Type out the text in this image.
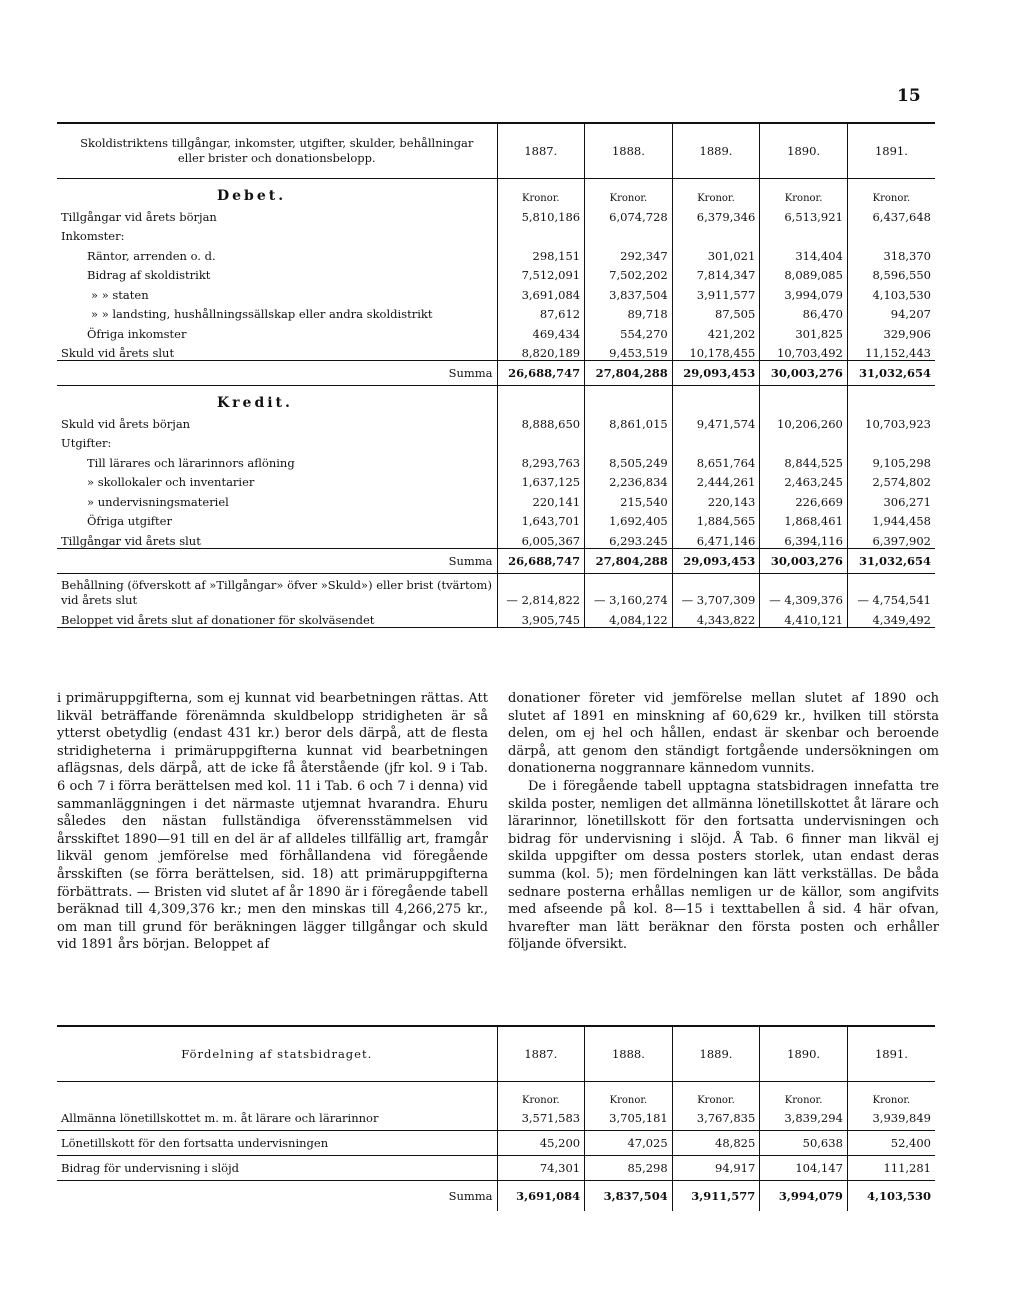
15
Skoldistriktens tillgångar, inkomster, utgifter, skulder, behållningar eller brister och donationsbelopp.	1887.	1888.	1889.	1890.	1891.
Debet.	Kronor.	Kronor.	Kronor.	Kronor.	Kronor.
Tillgångar vid årets början	5,810,186	6,074,728	6,379,346	6,513,921	6,437,648
Inkomster:					
Räntor, arrenden o. d.	298,151	292,347	301,021	314,404	318,370
Bidrag af skoldistrikt	7,512,091	7,502,202	7,814,347	8,089,085	8,596,550
» » staten	3,691,084	3,837,504	3,911,577	3,994,079	4,103,530
» » landsting, hushållningssällskap eller andra skoldistrikt	87,612	89,718	87,505	86,470	94,207
Öfriga inkomster	469,434	554,270	421,202	301,825	329,906
Skuld vid årets slut	8,820,189	9,453,519	10,178,455	10,703,492	11,152,443
Summa	26,688,747	27,804,288	29,093,453	30,003,276	31,032,654
Kredit.					
Skuld vid årets början	8,888,650	8,861,015	9,471,574	10,206,260	10,703,923
Utgifter:					
Till lärares och lärarinnors aflöning	8,293,763	8,505,249	8,651,764	8,844,525	9,105,298
» skollokaler och inventarier	1,637,125	2,236,834	2,444,261	2,463,245	2,574,802
» undervisningsmateriel	220,141	215,540	220,143	226,669	306,271
Öfriga utgifter	1,643,701	1,692,405	1,884,565	1,868,461	1,944,458
Tillgångar vid årets slut	6,005,367	6,293.245	6,471,146	6,394,116	6,397,902
Summa	26,688,747	27,804,288	29,093,453	30,003,276	31,032,654
Behållning (öfverskott af »Tillgångar» öfver »Skuld») eller brist (tvärtom)
vid årets slut	— 2,814,822	— 3,160,274	— 3,707,309	— 4,309,376	— 4,754,541
Beloppet vid årets slut af donationer för skolväsendet	3,905,745	4,084,122	4,343,822	4,410,121	4,349,492

i primäruppgifterna, som ej kunnat vid bearbetningen rättas. Att likväl beträffande förenämnda skuldbelopp stridigheten är så ytterst obetydlig (endast 431 kr.) beror dels därpå, att de flesta stridigheterna i primäruppgifterna kunnat vid bearbetningen aflägsnas, dels därpå, att de icke få återstående (jfr kol. 9 i Tab. 6 och 7 i förra berättelsen med kol. 11 i Tab. 6 och 7 i denna) vid sammanläggningen i det närmaste utjemnat hvarandra. Ehuru således den nästan fullständiga öfverensstämmelsen vid årsskiftet 1890—91 till en del är af alldeles tillfällig art, framgår likväl genom jemförelse med förhållandena vid föregående årsskiften (se förra berättelsen, sid. 18) att primäruppgifterna förbättrats. — Bristen vid slutet af år 1890 är i föregående tabell beräknad till 4,309,376 kr.; men den minskas till 4,266,275 kr., om man till grund för beräkningen lägger tillgångar och skuld vid 1891 års början. Beloppet af

donationer företer vid jemförelse mellan slutet af 1890 och slutet af 1891 en minskning af 60,629 kr., hvilken till största delen, om ej hel och hållen, endast är skenbar och beroende därpå, att genom den ständigt fortgående undersökningen om donationerna noggrannare kännedom vunnits.

De i föregående tabell upptagna statsbidragen innefatta tre skilda poster, nemligen det allmänna lönetillskottet åt lärare och lärarinnor, lönetillskott för den fortsatta undervisningen och bidrag för undervisning i slöjd. Å Tab. 6 finner man likväl ej skilda uppgifter om dessa posters storlek, utan endast deras summa (kol. 5); men fördelningen kan lätt verkställas. De båda sednare posterna erhållas nemligen ur de källor, som angifvits med afseende på kol. 8—15 i texttabellen å sid. 4 här ofvan, hvarefter man lätt beräknar den första posten och erhåller följande öfversikt.

Fördelning af statsbidraget.	1887.	1888.	1889.	1890.	1891.
	Kronor.	Kronor.	Kronor.	Kronor.	Kronor.
Allmänna lönetillskottet m. m. åt lärare och lärarinnor	3,571,583	3,705,181	3,767,835	3,839,294	3,939,849
Lönetillskott för den fortsatta undervisningen	45,200	47,025	48,825	50,638	52,400
Bidrag för undervisning i slöjd	74,301	85,298	94,917	104,147	111,281
Summa	3,691,084	3,837,504	3,911,577	3,994,079	4,103,530
